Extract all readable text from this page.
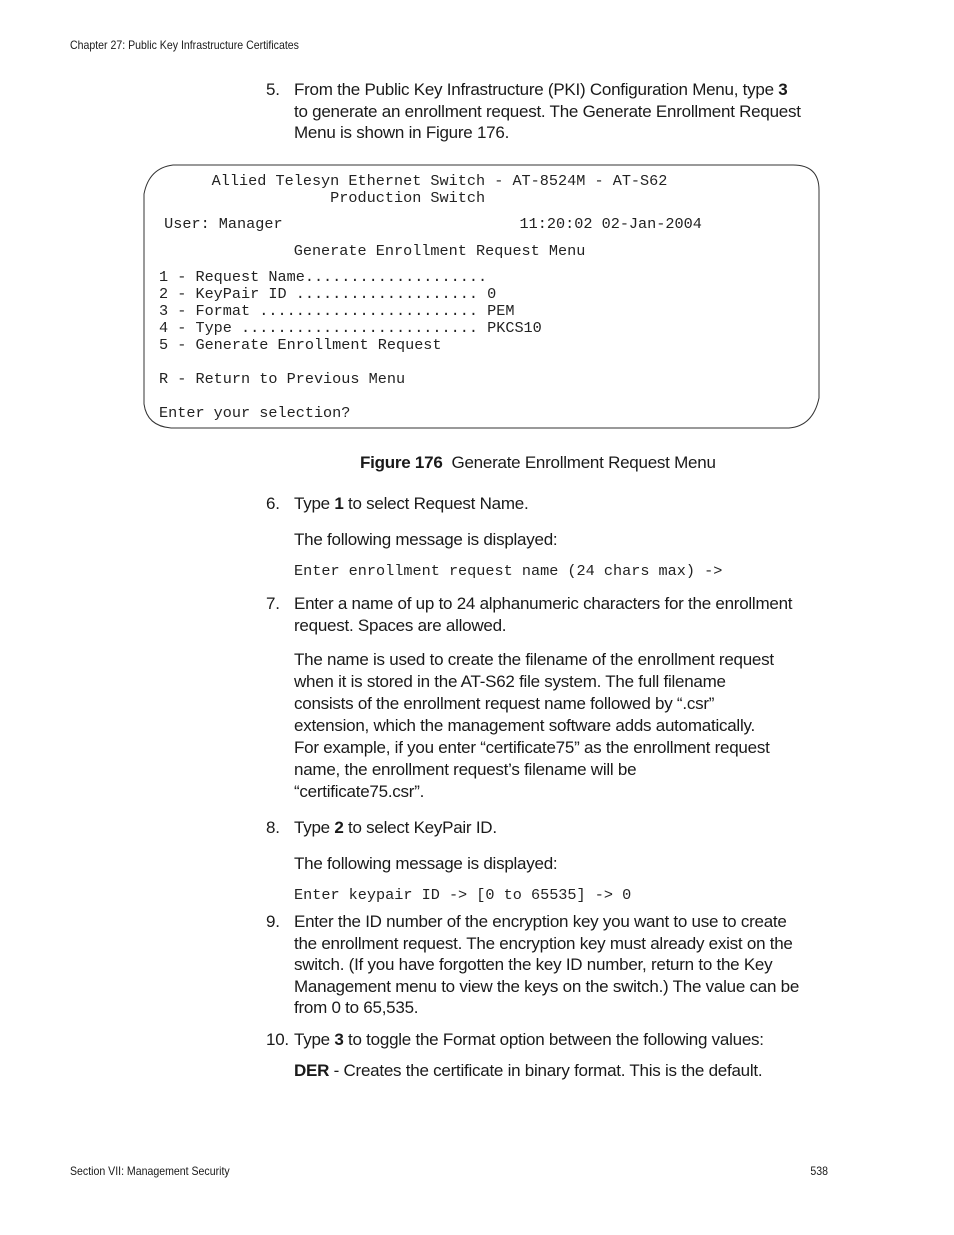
Chapter 27: Public Key Infrastructure Certificates
5. From the Public Key Infrastructure (PKI) Configuration Menu, type 3
to generate an enrollment request. The Generate Enrollment Request
Menu is shown in Figure 176.
Allied Telesyn Ethernet Switch - AT-8524M - AT-S62
Production Switch
User: Manager                          11:20:02 02-Jan-2004
Generate Enrollment Request Menu
1 - Request Name....................
2 - KeyPair ID .................... 0
3 - Format ........................ PEM
4 - Type .......................... PKCS10
5 - Generate Enrollment Request
R - Return to Previous Menu
Enter your selection?
Figure 176  Generate Enrollment Request Menu
6. Type 1 to select Request Name.
The following message is displayed:
Enter enrollment request name (24 chars max) ->
7. Enter a name of up to 24 alphanumeric characters for the enrollment
request. Spaces are allowed.
The name is used to create the filename of the enrollment request
when it is stored in the AT-S62 file system. The full filename
consists of the enrollment request name followed by “.csr”
extension, which the management software adds automatically.
For example, if you enter “certificate75” as the enrollment request
name, the enrollment request’s filename will be
“certificate75.csr”.
8. Type 2 to select KeyPair ID.
The following message is displayed:
Enter keypair ID -> [0 to 65535] -> 0
9. Enter the ID number of the encryption key you want to use to create
the enrollment request. The encryption key must already exist on the
switch. (If you have forgotten the key ID number, return to the Key
Management menu to view the keys on the switch.) The value can be
from 0 to 65,535.
10. Type 3 to toggle the Format option between the following values:
DER - Creates the certificate in binary format. This is the default.
Section VII: Management Security	538
